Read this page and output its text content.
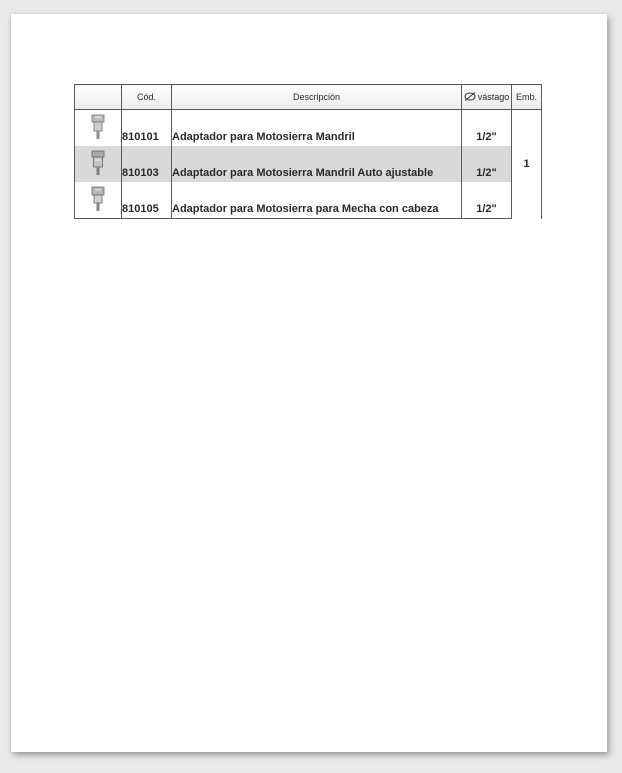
	Cód.	Descripción	vástago	Emb.
	810101	Adaptador para Motosierra Mandril	1/2"	1
	810103	Adaptador para Motosierra Mandril Auto ajustable	1/2"	
	810105	Adaptador para Motosierra para Mecha con cabeza	1/2"	
